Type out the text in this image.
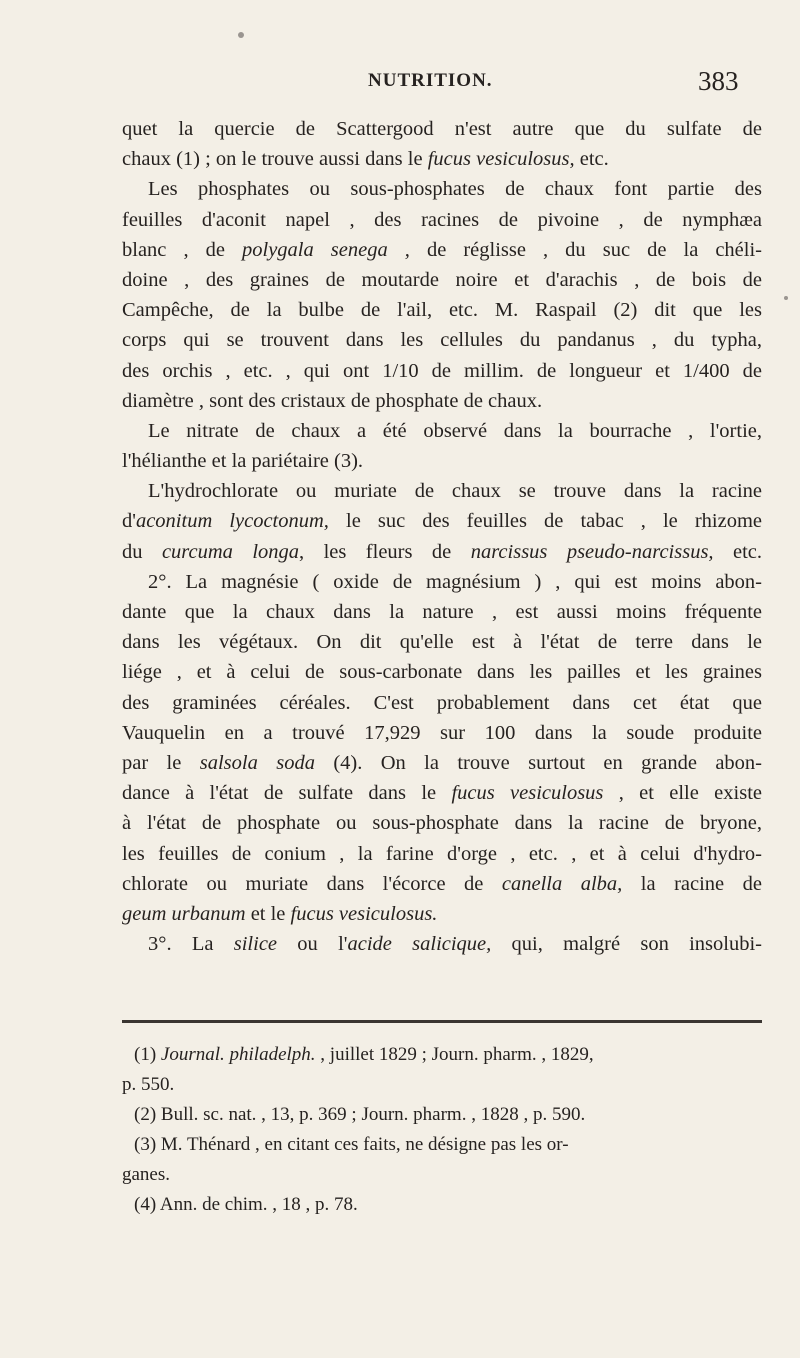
NUTRITION.	383
quet la quercie de Scattergood n'est autre que du sulfate de
chaux (1) ; on le trouve aussi dans le fucus vesiculosus, etc.
Les phosphates ou sous-phosphates de chaux font partie des
feuilles d'aconit napel , des racines de pivoine , de nymphæa
blanc , de polygala senega , de réglisse , du suc de la chéli-
doine , des graines de moutarde noire et d'arachis , de bois de
Campêche, de la bulbe de l'ail, etc. M. Raspail (2) dit que les
corps qui se trouvent dans les cellules du pandanus , du typha,
des orchis , etc. , qui ont 1/10 de millim. de longueur et 1/400 de
diamètre , sont des cristaux de phosphate de chaux.
Le nitrate de chaux a été observé dans la bourrache , l'ortie,
l'hélianthe et la pariétaire (3).
L'hydrochlorate ou muriate de chaux se trouve dans la racine
d'aconitum lycoctonum, le suc des feuilles de tabac , le rhizome
du curcuma longa, les fleurs de narcissus pseudo-narcissus, etc.
2°. La magnésie ( oxide de magnésium ) , qui est moins abon-
dante que la chaux dans la nature , est aussi moins fréquente
dans les végétaux. On dit qu'elle est à l'état de terre dans le
liége , et à celui de sous-carbonate dans les pailles et les graines
des graminées céréales. C'est probablement dans cet état que
Vauquelin en a trouvé 17,929 sur 100 dans la soude produite
par le salsola soda (4). On la trouve surtout en grande abon-
dance à l'état de sulfate dans le fucus vesiculosus , et elle existe
à l'état de phosphate ou sous-phosphate dans la racine de bryone,
les feuilles de conium , la farine d'orge , etc. , et à celui d'hydro-
chlorate ou muriate dans l'écorce de canella alba, la racine de
geum urbanum et le fucus vesiculosus.
3°. La silice ou l'acide salicique, qui, malgré son insolubi-
(1) Journal. philadelph. , juillet 1829 ; Journ. pharm. , 1829,
p. 550.
(2) Bull. sc. nat. , 13, p. 369 ; Journ. pharm. , 1828 , p. 590.
(3) M. Thénard , en citant ces faits, ne désigne pas les or-
ganes.
(4) Ann. de chim. , 18 , p. 78.
